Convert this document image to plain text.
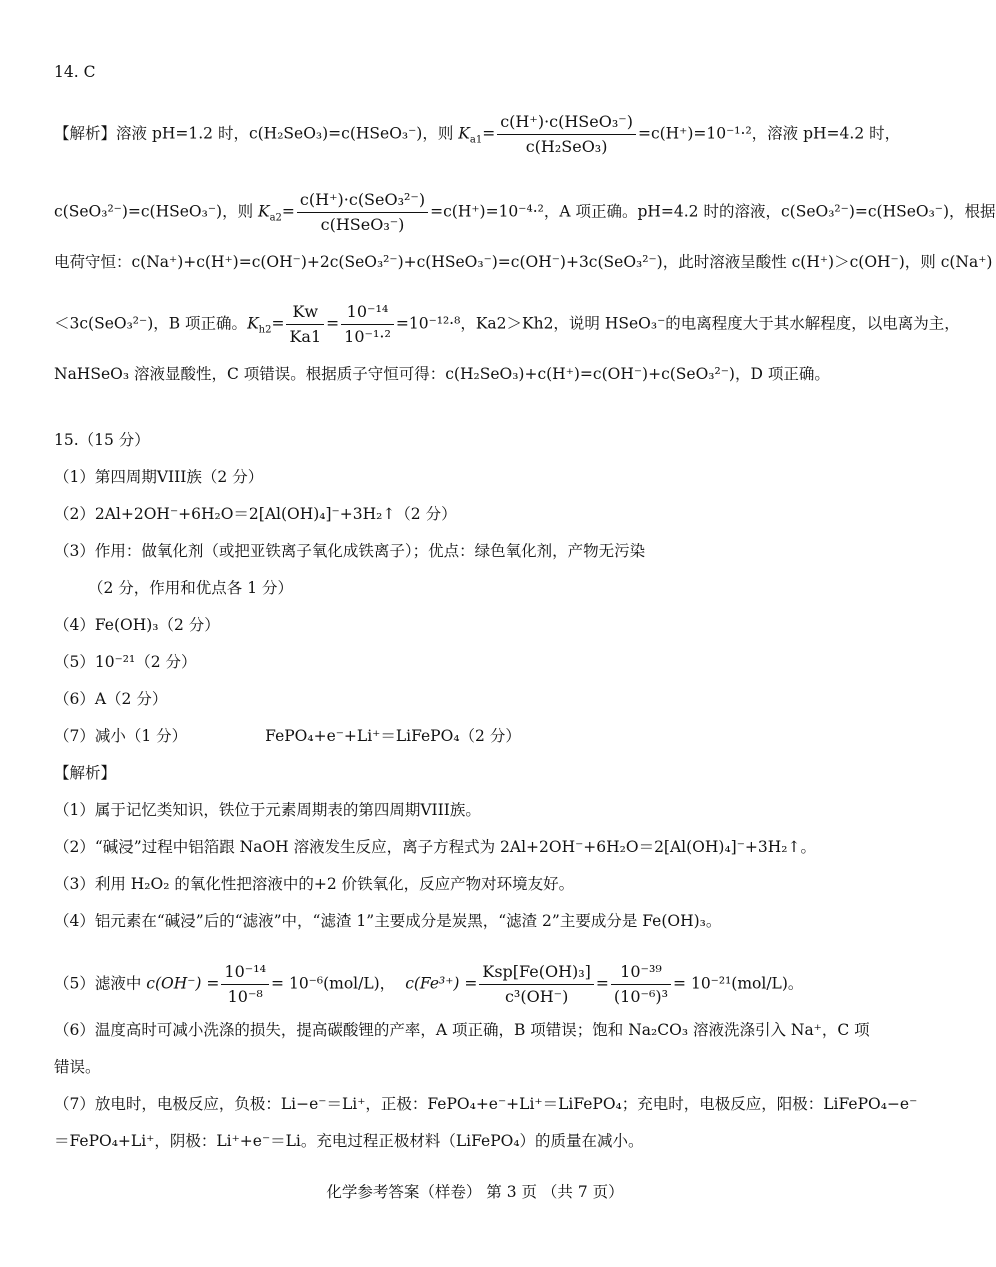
14. C
【解析】溶液 pH=1.2 时，c(H₂SeO₃)=c(HSeO₃⁻)，则 $K_{a1}= \frac{\text{c(H⁺)·c(HSeO₃⁻)}}{\text{c(H₂SeO₃)}} =c(H^+)=10^{-1}\cdot^2$，溶液 pH=4.2 时，
c(SeO₃²⁻)=c(HSeO₃⁻)，则 $K_{a2}= \frac{\text{c(H⁺)·c(SeO₃²⁻)}}{\text{c(HSeO₃⁻)}} =c(H^+)=10^{-4}\cdot^2$，A 项正确。pH=4.2 时的溶液，c(SeO₃²⁻)=c(HSeO₃⁻)，根据
电荷守恒：c(Na⁺)+c(H⁺)=c(OH⁻)+2c(SeO₃²⁻)+c(HSeO₃⁻)=c(OH⁻)+3c(SeO₃²⁻)，此时溶液呈酸性 c(H⁺)＞c(OH⁻)，则 c(Na⁺)
＜3c(SeO₃²⁻)，B 项正确。$K_{h2}= \frac{Kw}{Ka1} = \frac{\text{10⁻¹⁴}}{\text{10⁻¹·²}} =10^{-12}\cdot^8$，Ka2＞Kh2，说明 HSeO₃⁻的电离程度大于其水解程度，以电离为主，
NaHSeO₃ 溶液显酸性，C 项错误。根据质子守恒可得：c(H₂SeO₃)+c(H⁺)=c(OH⁻)+c(SeO₃²⁻)，D 项正确。
15.（15 分）
（1）第四周期VIII族（2 分）
（2）2Al+2OH⁻+6H₂O＝2[Al(OH)₄]⁻+3H₂↑（2 分）
（3）作用：做氧化剂（或把亚铁离子氧化成铁离子）；优点：绿色氧化剂，产物无污染
（2 分，作用和优点各 1 分）
（4）Fe(OH)₃（2 分）
（5）10⁻²¹（2 分）
（6）A（2 分）
（7）减小（1 分）	FePO₄+e⁻+Li⁺＝LiFePO₄（2 分）
【解析】
（1）属于记忆类知识，铁位于元素周期表的第四周期VIII族。
（2）“碱浸”过程中铝箔跟 NaOH 溶液发生反应，离子方程式为 2Al+2OH⁻+6H₂O＝2[Al(OH)₄]⁻+3H₂↑。
（3）利用 H₂O₂ 的氧化性把溶液中的+2 价铁氧化，反应产物对环境友好。
（4）铝元素在“碱浸”后的“滤液”中，“滤渣 1”主要成分是炭黑，“滤渣 2”主要成分是 Fe(OH)₃。
（5）滤液中 $c(OH^-) = \frac{\text{10⁻¹⁴}}{\text{10⁻⁸}} = 10^{-6}(mol/L)$， $c(Fe^{3+}) = \frac{\text{Ksp[Fe(OH)₃]}}{\text{c³(OH⁻)}} = \frac{\text{10⁻³⁹}}{\text{(10⁻⁶)³}} = 10^{-21}(mol/L)$。
（6）温度高时可减小洗涤的损失，提高碳酸锂的产率，A 项正确，B 项错误；饱和 Na₂CO₃ 溶液洗涤引入 Na⁺，C 项
错误。
（7）放电时，电极反应，负极：Li−e⁻＝Li⁺，正极：FePO₄+e⁻+Li⁺＝LiFePO₄；充电时，电极反应，阳极：LiFePO₄−e⁻
＝FePO₄+Li⁺，阴极：Li⁺+e⁻＝Li。充电过程正极材料（LiFePO₄）的质量在减小。
化学参考答案（样卷） 第 3 页 （共 7 页）
